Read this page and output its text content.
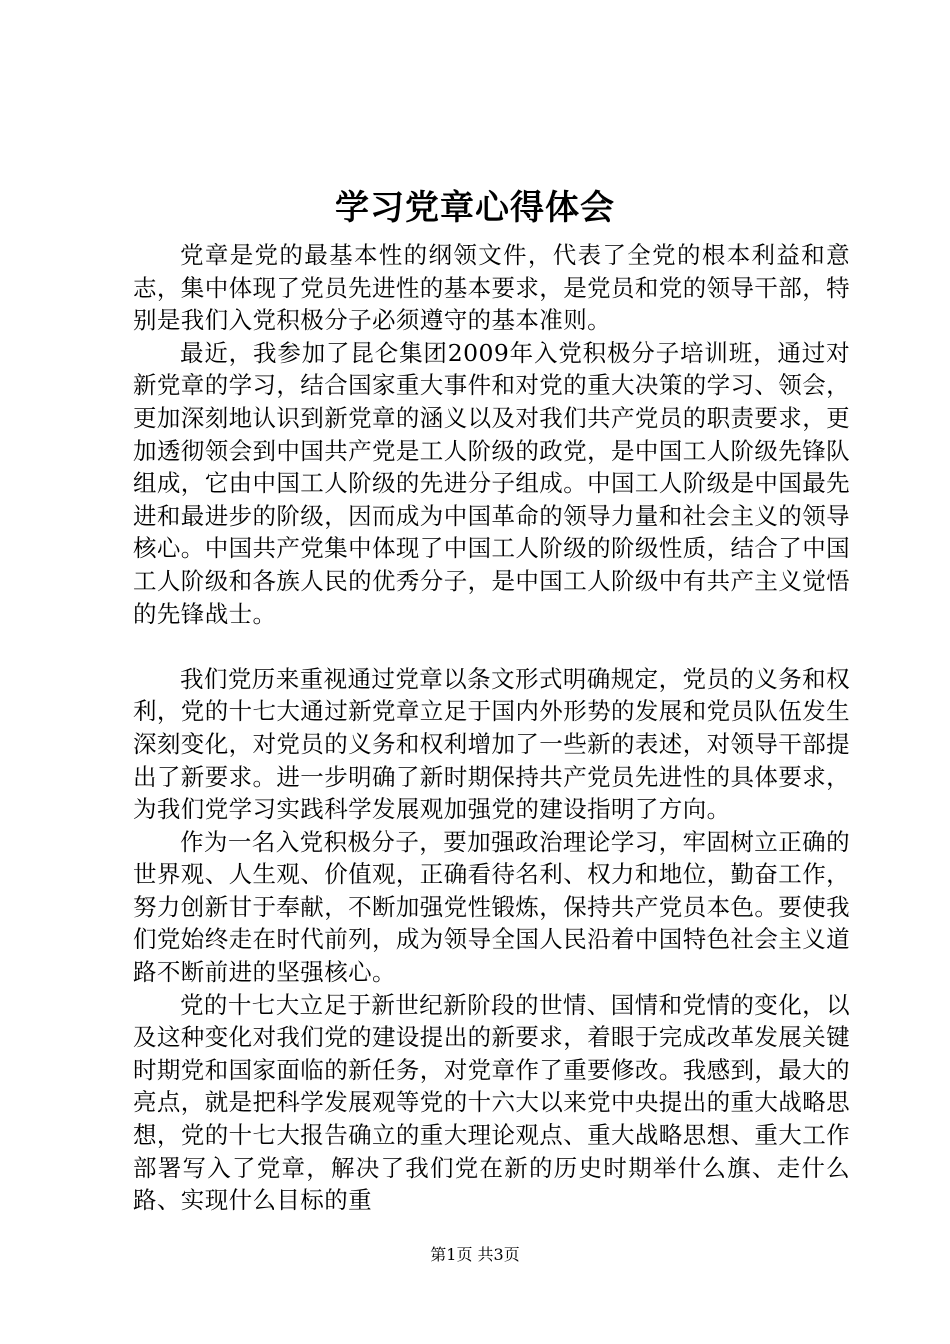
学习党章心得体会

党章是党的最基本性的纲领文件，代表了全党的根本利益和意志，集中体现了党员先进性的基本要求，是党员和党的领导干部，特别是我们入党积极分子必须遵守的基本准则。

最近，我参加了昆仑集团2009年入党积极分子培训班，通过对新党章的学习，结合国家重大事件和对党的重大决策的学习、领会，更加深刻地认识到新党章的涵义以及对我们共产党员的职责要求，更加透彻领会到中国共产党是工人阶级的政党，是中国工人阶级先锋队组成，它由中国工人阶级的先进分子组成。中国工人阶级是中国最先进和最进步的阶级，因而成为中国革命的领导力量和社会主义的领导核心。中国共产党集中体现了中国工人阶级的阶级性质，结合了中国工人阶级和各族人民的优秀分子，是中国工人阶级中有共产主义觉悟的先锋战士。

我们党历来重视通过党章以条文形式明确规定，党员的义务和权利，党的十七大通过新党章立足于国内外形势的发展和党员队伍发生深刻变化，对党员的义务和权利增加了一些新的表述，对领导干部提出了新要求。进一步明确了新时期保持共产党员先进性的具体要求，为我们党学习实践科学发展观加强党的建设指明了方向。

作为一名入党积极分子，要加强政治理论学习，牢固树立正确的世界观、人生观、价值观，正确看待名利、权力和地位，勤奋工作，努力创新甘于奉献，不断加强党性锻炼，保持共产党员本色。要使我们党始终走在时代前列，成为领导全国人民沿着中国特色社会主义道路不断前进的坚强核心。

党的十七大立足于新世纪新阶段的世情、国情和党情的变化，以及这种变化对我们党的建设提出的新要求，着眼于完成改革发展关键时期党和国家面临的新任务，对党章作了重要修改。我感到，最大的亮点，就是把科学发展观等党的十六大以来党中央提出的重大战略思想，党的十七大报告确立的重大理论观点、重大战略思想、重大工作部署写入了党章，解决了我们党在新的历史时期举什么旗、走什么路、实现什么目标的重

第1页 共3页
